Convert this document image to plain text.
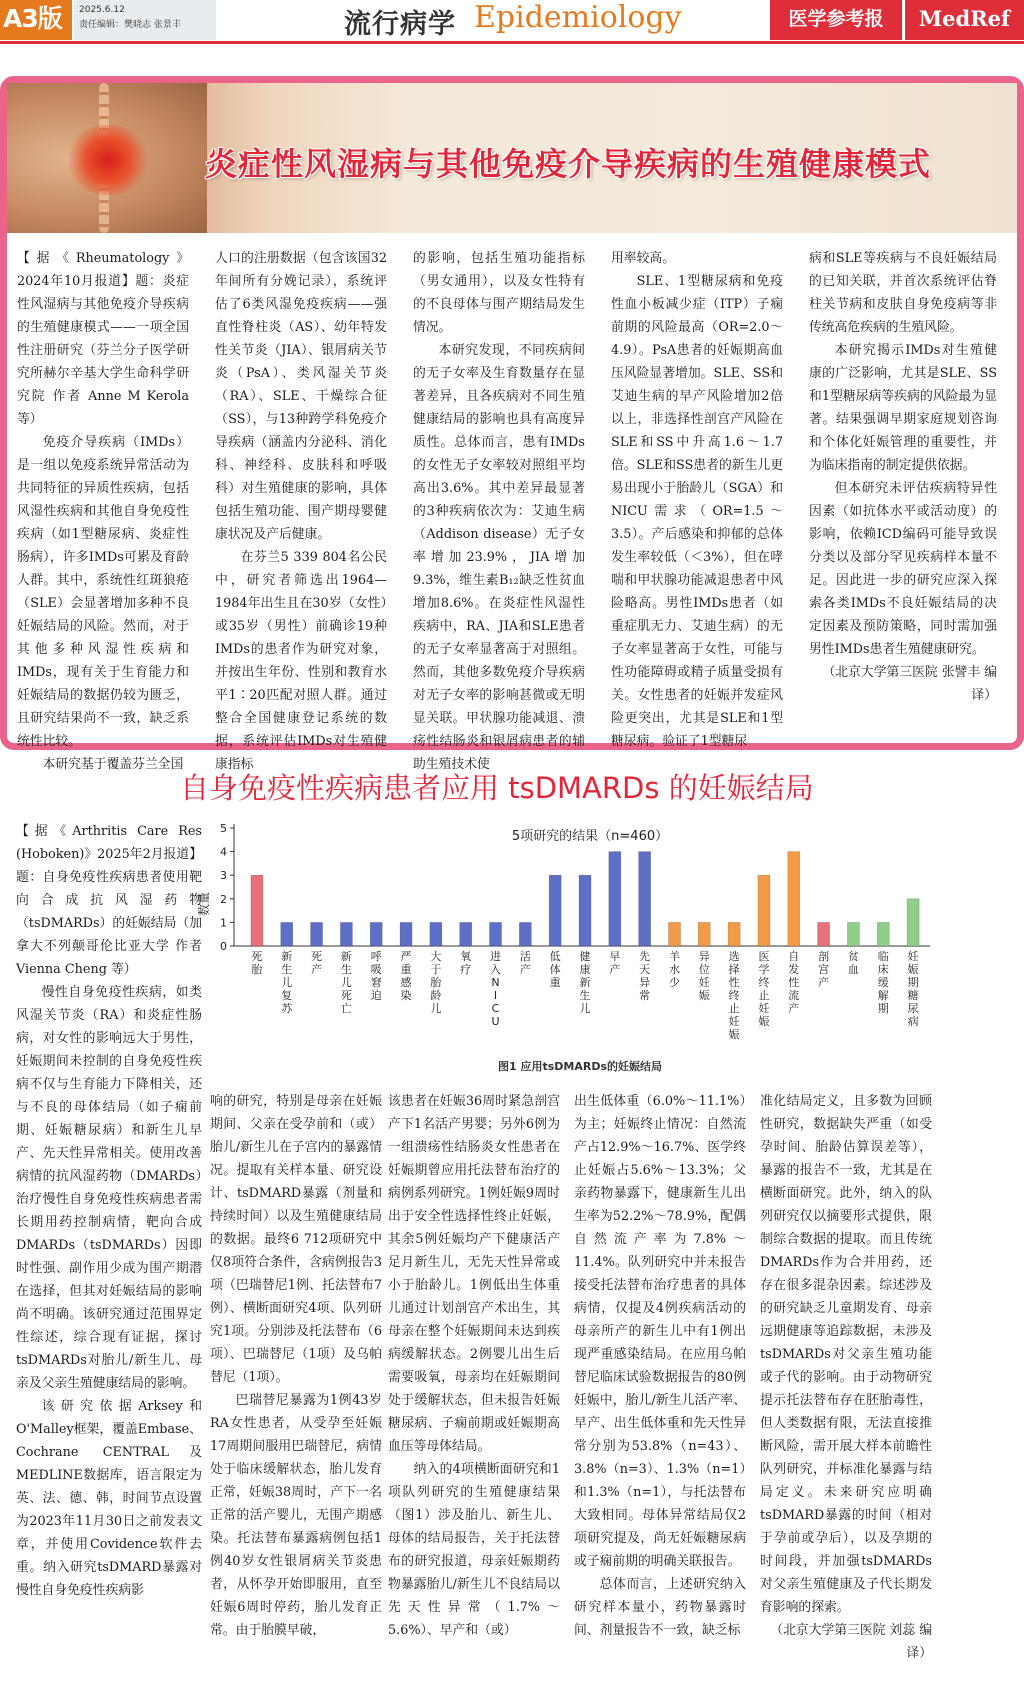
A3版	2025.6.12
责任编辑：樊晓志 张景丰	流行病学 Epidemiology	医学参考报	MedRef
炎症性风湿病与其他免疫介导疾病的生殖健康模式

【据《Rheumatology》2024年10月报道】题：炎症性风湿病与其他免疫介导疾病的生殖健康模式——一项全国性注册研究（芬兰分子医学研究所赫尔辛基大学生命科学研究院 作者 Anne M Kerola 等）

免疫介导疾病（IMDs）是一组以免疫系统异常活动为共同特征的异质性疾病，包括风湿性疾病和其他自身免疫性疾病（如1型糖尿病、炎症性肠病），许多IMDs可累及育龄人群。其中，系统性红斑狼疮（SLE）会显著增加多种不良妊娠结局的风险。然而，对于其他多种风湿性疾病和IMDs，现有关于生育能力和妊娠结局的数据仍较为匮乏，且研究结果尚不一致，缺乏系统性比较。

本研究基于覆盖芬兰全国

人口的注册数据（包含该国32年间所有分娩记录），系统评估了6类风湿免疫疾病——强直性脊柱炎（AS）、幼年特发性关节炎（JIA）、银屑病关节炎（PsA）、类风湿关节炎（RA）、SLE、干燥综合征（SS），与13种跨学科免疫介导疾病（涵盖内分泌科、消化科、神经科、皮肤科和呼吸科）对生殖健康的影响，具体包括生殖功能、围产期母婴健康状况及产后健康。

在芬兰5 339 804名公民中，研究者筛选出1964—1984年出生且在30岁（女性）或35岁（男性）前确诊19种IMDs的患者作为研究对象，并按出生年份、性别和教育水平1∶20匹配对照人群。通过整合全国健康登记系统的数据，系统评估IMDs对生殖健康指标

的影响，包括生殖功能指标（男女通用），以及女性特有的不良母体与围产期结局发生情况。

本研究发现，不同疾病间的无子女率及生育数量存在显著差异，且各疾病对不同生殖健康结局的影响也具有高度异质性。总体而言，患有IMDs的女性无子女率较对照组平均高出3.6%。其中差异最显著的3种疾病依次为：艾迪生病（Addison disease）无子女率增加23.9%，JIA增加9.3%，维生素B₁₂缺乏性贫血增加8.6%。在炎症性风湿性疾病中，RA、JIA和SLE患者的无子女率显著高于对照组。然而，其他多数免疫介导疾病对无子女率的影响甚微或无明显关联。甲状腺功能减退、溃疡性结肠炎和银屑病患者的辅助生殖技术使

用率较高。

SLE、1型糖尿病和免疫性血小板减少症（ITP）子痫前期的风险最高（OR=2.0～4.9）。PsA患者的妊娠期高血压风险显著增加。SLE、SS和艾迪生病的早产风险增加2倍以上，非选择性剖宫产风险在SLE和SS中升高1.6～1.7倍。SLE和SS患者的新生儿更易出现小于胎龄儿（SGA）和NICU需求（OR=1.5～3.5）。产后感染和抑郁的总体发生率较低（＜3%），但在哮喘和甲状腺功能减退患者中风险略高。男性IMDs患者（如重症肌无力、艾迪生病）的无子女率显著高于女性，可能与性功能障碍或精子质量受损有关。女性患者的妊娠并发症风险更突出，尤其是SLE和1型糖尿病。验证了1型糖尿

病和SLE等疾病与不良妊娠结局的已知关联，并首次系统评估脊柱关节病和皮肤自身免疫病等非传统高危疾病的生殖风险。

本研究揭示IMDs对生殖健康的广泛影响，尤其是SLE、SS和1型糖尿病等疾病的风险最为显著。结果强调早期家庭规划咨询和个体化妊娠管理的重要性，并为临床指南的制定提供依据。

但本研究未评估疾病特异性因素（如抗体水平或活动度）的影响，依赖ICD编码可能导致误分类以及部分罕见疾病样本量不足。因此进一步的研究应深入探索各类IMDs不良妊娠结局的决定因素及预防策略，同时需加强男性IMDs患者生殖健康研究。

（北京大学第三医院 张譬丰 编译）

自身免疫性疾病患者应用 tsDMARDs 的妊娠结局

【据《Arthritis Care Res (Hoboken)》2025年2月报道】题：自身免疫性疾病患者使用靶向合成抗风湿药物（tsDMARDs）的妊娠结局（加拿大不列颠哥伦比亚大学 作者 Vienna Cheng 等）

慢性自身免疫性疾病，如类风湿关节炎（RA）和炎症性肠病，对女性的影响远大于男性，妊娠期间未控制的自身免疫性疾病不仅与生育能力下降相关，还与不良的母体结局（如子痫前期、妊娠糖尿病）和新生儿早产、先天性异常相关。使用改善病情的抗风湿药物（DMARDs）治疗慢性自身免疫性疾病患者需长期用药控制病情，靶向合成DMARDs（tsDMARDs）因即时性强、副作用少成为围产期潜在选择，但其对妊娠结局的影响尚不明确。该研究通过范围界定性综述，综合现有证据，探讨tsDMARDs对胎儿/新生儿、母亲及父亲生殖健康结局的影响。

该研究依据Arksey和O'Malley框架，覆盖Embase、Cochrane CENTRAL及MEDLINE数据库，语言限定为英、法、德、韩，时间节点设置为2023年11月30日之前发表文章，并使用Covidence软件去重。纳入研究tsDMARD暴露对慢性自身免疫性疾病影

0
1
2
3
4
5
死胎
新生儿复苏
死产
新生儿死亡
呼吸窘迫
严重感染
大于胎龄儿
氧疗
进入 N I C U
活产
低体重
健康新生儿
早产
先天异常
羊水少
异位妊娠
选择性终止妊娠
医学终止妊娠
自发性流产
剖宫产
贫血
临床缓解期
妊娠期糖尿病
5项研究的结果（n=460）
数量
图1 应用tsDMARDs的妊娠结局

响的研究，特别是母亲在妊娠期间、父亲在受孕前和（或）胎儿/新生儿在子宫内的暴露情况。提取有关样本量、研究设计、tsDMARD暴露（剂量和持续时间）以及生殖健康结局的数据。最终6 712项研究中仅8项符合条件，含病例报告3项（巴瑞替尼1例、托法替布7例）、横断面研究4项、队列研究1项。分别涉及托法替布（6项）、巴瑞替尼（1项）及乌帕替尼（1项）。

巴瑞替尼暴露为1例43岁RA女性患者，从受孕至妊娠17周期间服用巴瑞替尼，病情处于临床缓解状态，胎儿发育正常，妊娠38周时，产下一名正常的活产婴儿，无围产期感染。托法替布暴露病例包括1例40岁女性银屑病关节炎患者，从怀孕开始即服用，直至妊娠6周时停药，胎儿发育正常。由于胎膜早破，

该患者在妊娠36周时紧急剖宫产下1名活产男婴；另外6例为一组溃疡性结肠炎女性患者在妊娠期曾应用托法替布治疗的病例系列研究。1例妊娠9周时出于安全性选择性终止妊娠，其余5例妊娠均产下健康活产足月新生儿，无先天性异常或小于胎龄儿。1例低出生体重儿通过计划剖宫产术出生，其母亲在整个妊娠期间未达到疾病缓解状态。2例婴儿出生后需要吸氧，母亲均在妊娠期间处于缓解状态，但未报告妊娠糖尿病、子痫前期或妊娠期高血压等母体结局。

纳入的4项横断面研究和1项队列研究的生殖健康结果（图1）涉及胎儿、新生儿、母体的结局报告，关于托法替布的研究报道，母亲妊娠期药物暴露胎儿/新生儿不良结局以先天性异常（1.7%～5.6%）、早产和（或）

出生低体重（6.0%～11.1%）为主；妊娠终止情况：自然流产占12.9%～16.7%、医学终止妊娠占5.6%～13.3%；父亲药物暴露下，健康新生儿出生率为52.2%～78.9%，配偶自然流产率为7.8%～11.4%。队列研究中并未报告接受托法替布治疗患者的具体病情，仅提及4例疾病活动的母亲所产的新生儿中有1例出现严重感染结局。在应用乌帕替尼临床试验数据报告的80例妊娠中，胎儿/新生儿活产率、早产、出生低体重和先天性异常分别为53.8%（n=43）、3.8%（n=3）、1.3%（n=1）和1.3%（n=1），与托法替布大致相同。母体异常结局仅2项研究提及，尚无妊娠糖尿病或子痫前期的明确关联报告。

总体而言，上述研究纳入研究样本量小，药物暴露时间、剂量报告不一致，缺乏标

准化结局定义，且多数为回顾性研究，数据缺失严重（如受孕时间、胎龄估算误差等），暴露的报告不一致，尤其是在横断面研究。此外，纳入的队列研究仅以摘要形式提供，限制综合数据的提取。而且传统DMARDs作为合并用药，还存在很多混杂因素。综述涉及的研究缺乏儿童期发育、母亲远期健康等追踪数据，未涉及tsDMARDs对父亲生殖功能或子代的影响。由于动物研究提示托法替布存在胚胎毒性，但人类数据有限，无法直接推断风险，需开展大样本前瞻性队列研究，并标准化暴露与结局定义。未来研究应明确tsDMARD暴露的时间（相对于孕前或孕后），以及孕期的时间段，并加强tsDMARDs对父亲生殖健康及子代长期发育影响的探索。

（北京大学第三医院 刘蕊 编译）
